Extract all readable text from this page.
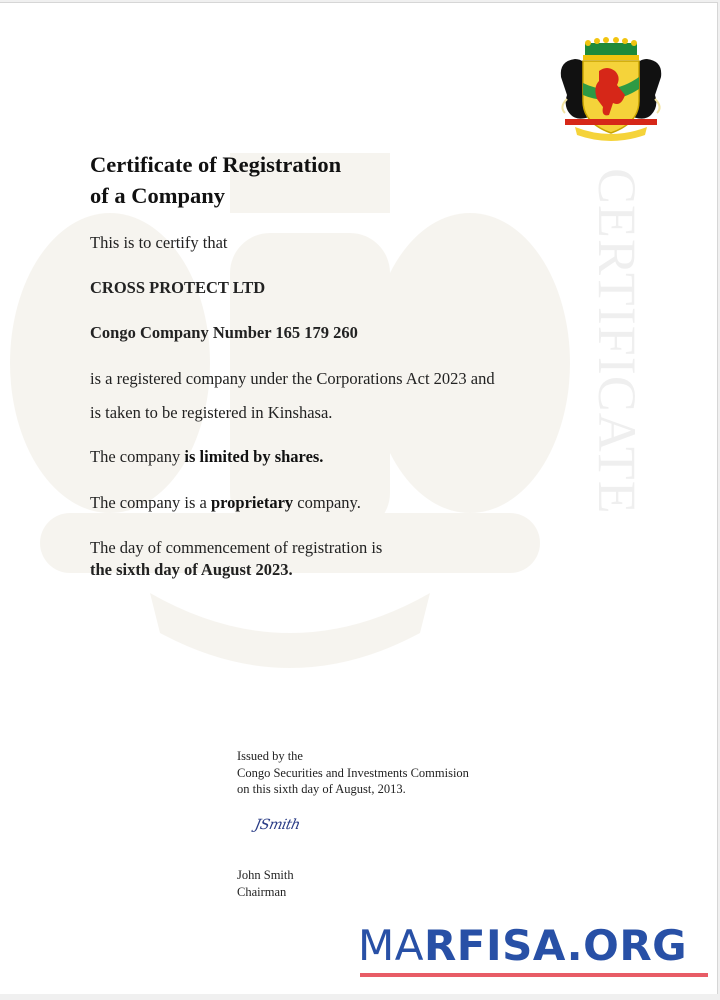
CERTIFICATE
Certificate of Registration
of a Company
This is to certify that
CROSS PROTECT LTD
Congo Company Number 165 179 260
is a registered company under the Corporations Act 2023 and
is taken to be registered in Kinshasa.
The company is limited by shares.
The company is a proprietary company.
The day of commencement of registration is
the sixth day of August 2023.
Issued by the
Congo Securities and Investments Commision
on this sixth day of August, 2013.
JSmith
John Smith
Chairman
MARFISA.ORG
